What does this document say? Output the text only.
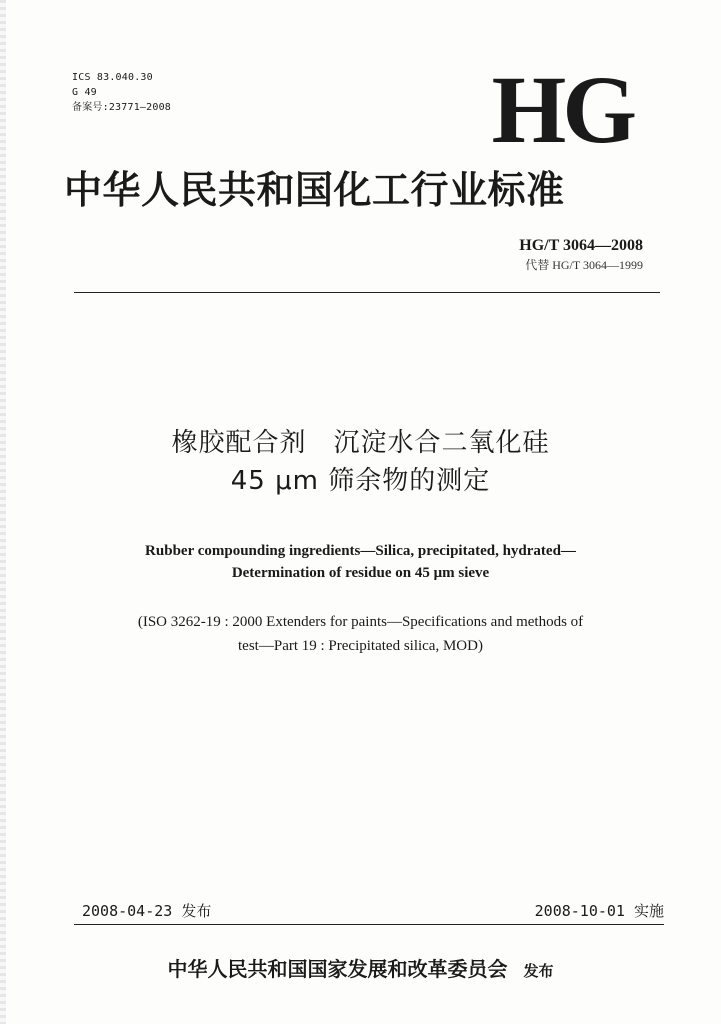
ICS 83.040.30
G 49
备案号:23771—2008	HG
中华人民共和国化工行业标准
HG/T 3064—2008
代替 HG/T 3064—1999
橡胶配合剂　沉淀水合二氧化硅
45 μm 筛余物的测定
Rubber compounding ingredients—Silica, precipitated, hydrated—
Determination of residue on 45 μm sieve
(ISO 3262-19 : 2000 Extenders for paints—Specifications and methods of
test—Part 19 : Precipitated silica, MOD)
2008-04-23 发布	2008-10-01 实施
中华人民共和国国家发展和改革委员会 发布
